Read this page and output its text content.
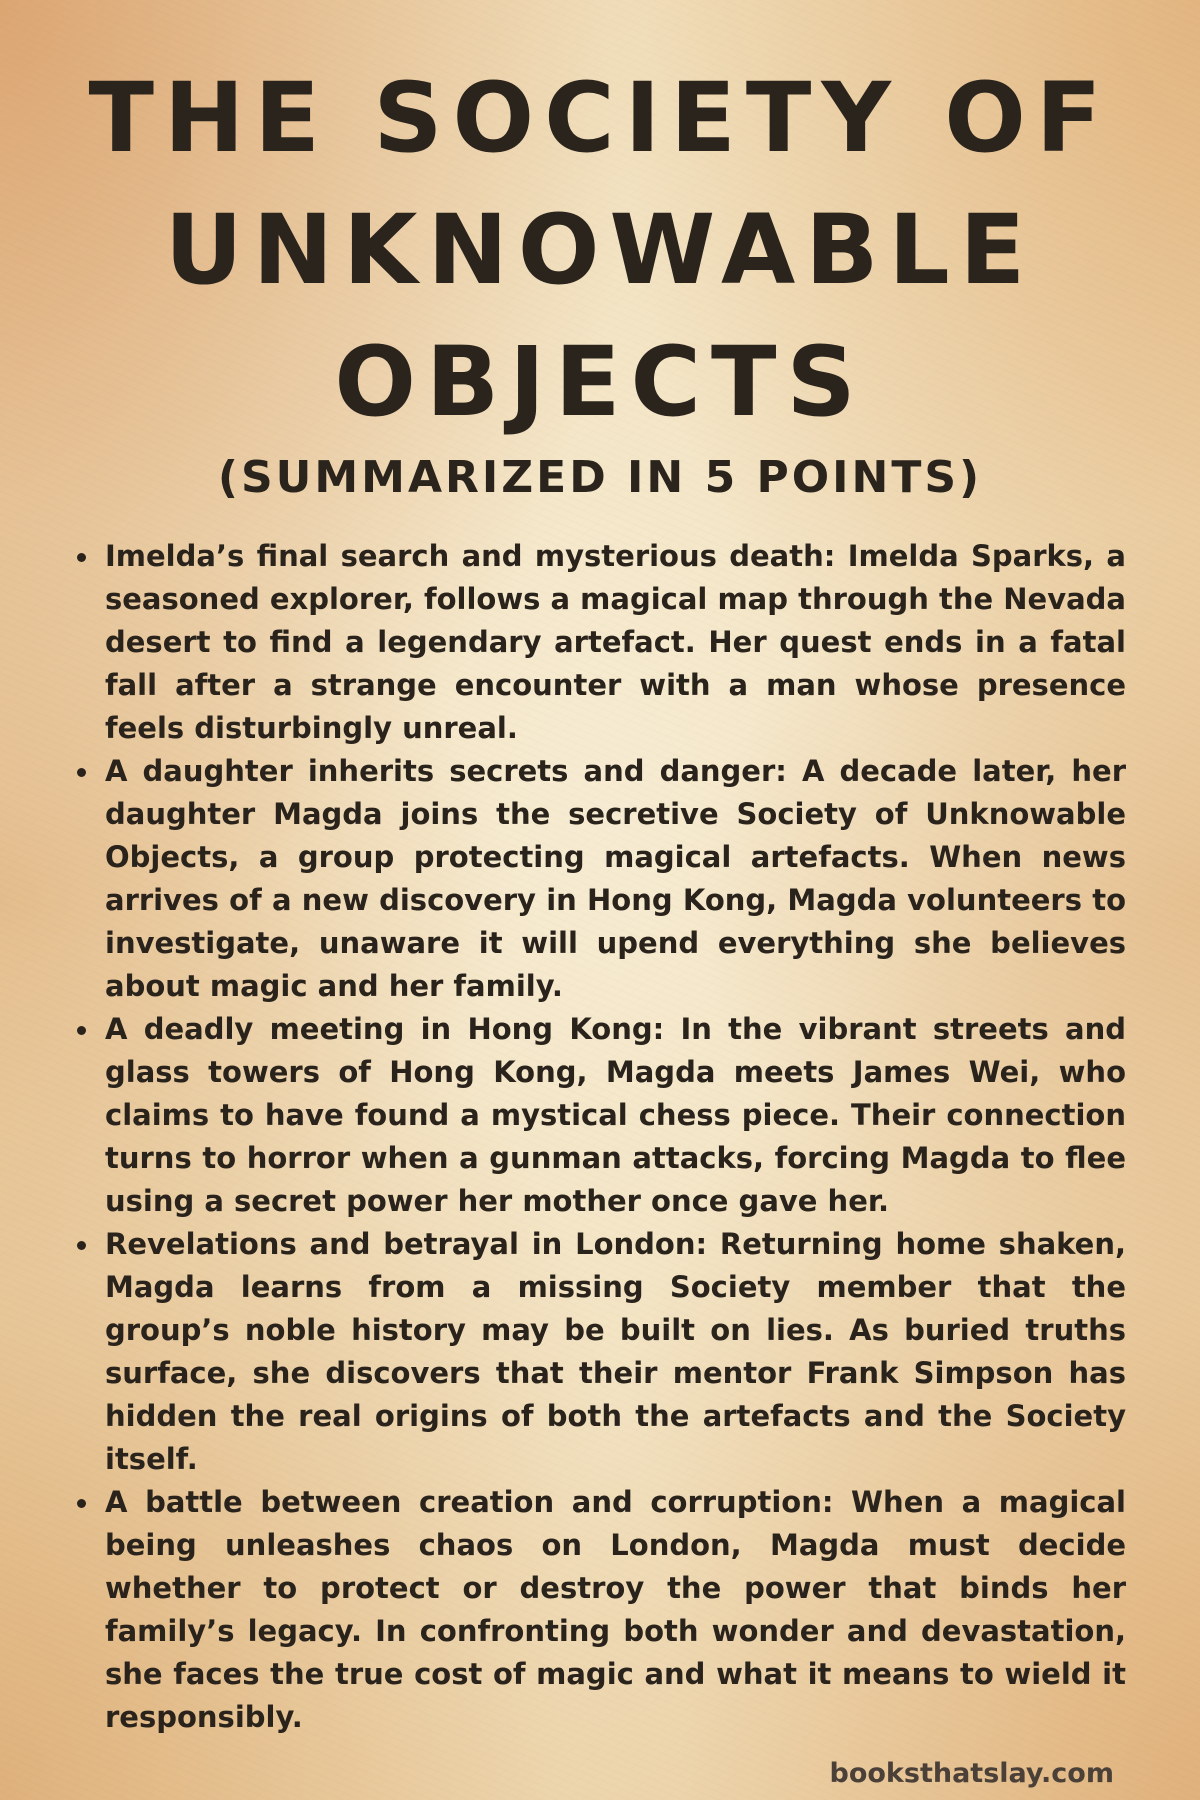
THE SOCIETY OF
UNKNOWABLE
OBJECTS
(SUMMARIZED IN 5 POINTS)
Imelda’s final search and mysterious death: Imelda Sparks, a seasoned explorer, follows a magical map through the Nevada desert to find a legendary artefact. Her quest ends in a fatal fall after a strange encounter with a man whose presence feels disturbingly unreal.
A daughter inherits secrets and danger: A decade later, her daughter Magda joins the secretive Society of Unknowable Objects, a group protecting magical artefacts. When news arrives of a new discovery in Hong Kong, Magda volunteers to investigate, unaware it will upend everything she believes about magic and her family.
A deadly meeting in Hong Kong: In the vibrant streets and glass towers of Hong Kong, Magda meets James Wei, who claims to have found a mystical chess piece. Their connection turns to horror when a gunman attacks, forcing Magda to flee using a secret power her mother once gave her.
Revelations and betrayal in London: Returning home shaken, Magda learns from a missing Society member that the group’s noble history may be built on lies. As buried truths surface, she discovers that their mentor Frank Simpson has hidden the real origins of both the artefacts and the Society itself.
A battle between creation and corruption: When a magical being unleashes chaos on London, Magda must decide whether to protect or destroy the power that binds her family’s legacy. In confronting both wonder and devastation, she faces the true cost of magic and what it means to wield it responsibly.

booksthatslay.com
